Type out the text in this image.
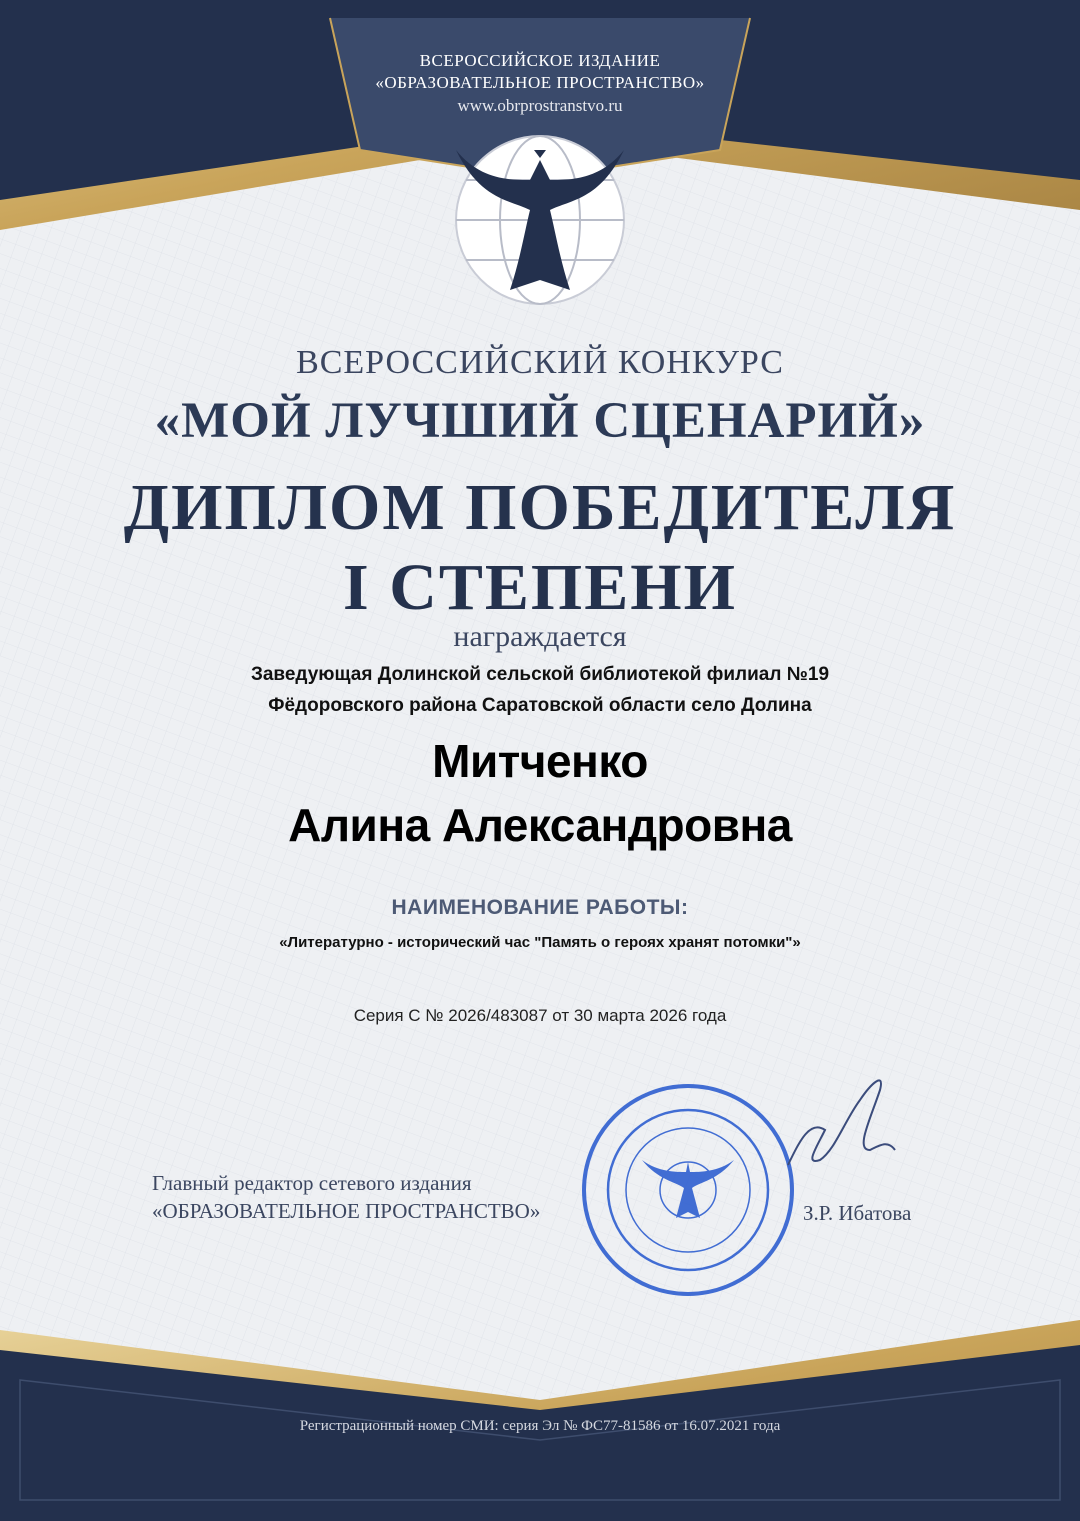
ВСЕРОССИЙСКОЕ ИЗДАНИЕ
«ОБРАЗОВАТЕЛЬНОЕ ПРОСТРАНСТВО»
www.obrprostranstvo.ru
ВСЕРОССИЙСКИЙ КОНКУРС
«МОЙ ЛУЧШИЙ СЦЕНАРИЙ»
ДИПЛОМ ПОБЕДИТЕЛЯ
I СТЕПЕНИ
награждается
Заведующая Долинской сельской библиотекой филиал №19
Фёдоровского района Саратовской области село Долина
Митченко
Алина Александровна
НАИМЕНОВАНИЕ РАБОТЫ:
«Литературно - исторический час "Память о героях хранят потомки"»
Серия С № 2026/483087 от 30 марта 2026 года
Главный редактор сетевого издания
«ОБРАЗОВАТЕЛЬНОЕ ПРОСТРАНСТВО»	З.Р. Ибатова
Регистрационный номер СМИ: серия Эл № ФС77-81586 от 16.07.2021 года
